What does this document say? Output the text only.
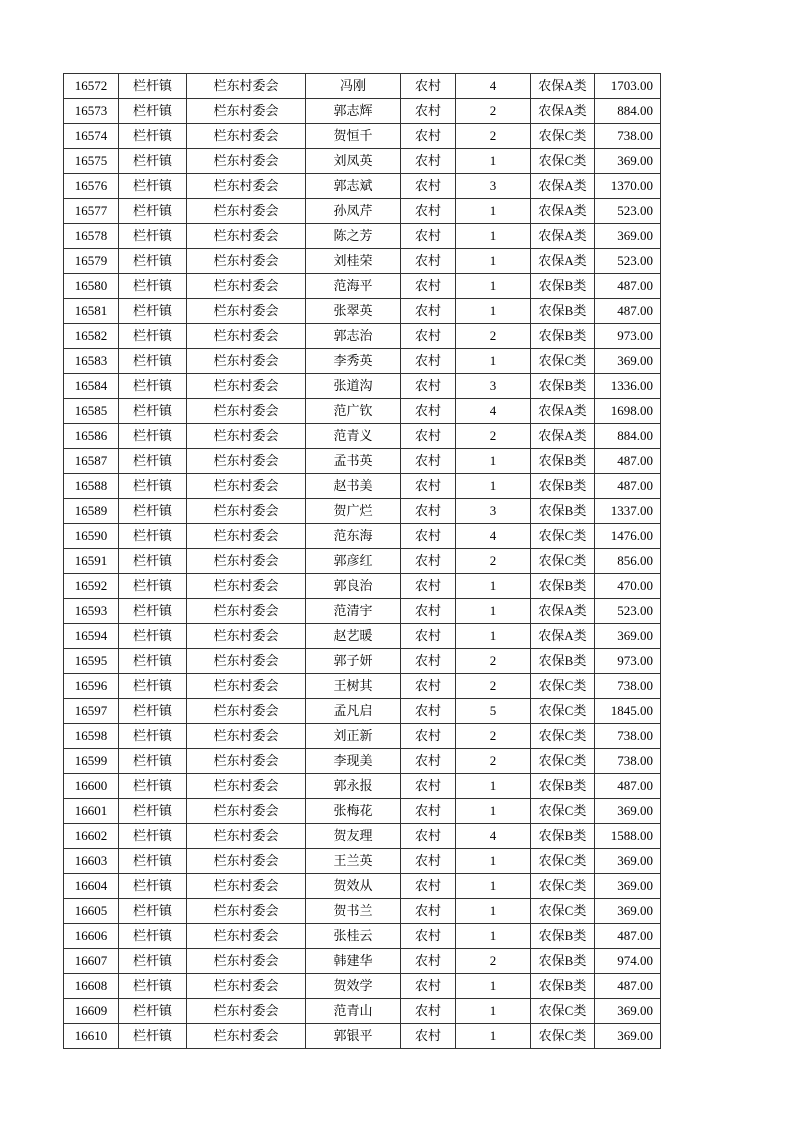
16572	栏杆镇	栏东村委会	冯刚	农村	4	农保A类	1703.00
16573	栏杆镇	栏东村委会	郭志辉	农村	2	农保A类	884.00
16574	栏杆镇	栏东村委会	贺恒千	农村	2	农保C类	738.00
16575	栏杆镇	栏东村委会	刘凤英	农村	1	农保C类	369.00
16576	栏杆镇	栏东村委会	郭志斌	农村	3	农保A类	1370.00
16577	栏杆镇	栏东村委会	孙凤芹	农村	1	农保A类	523.00
16578	栏杆镇	栏东村委会	陈之芳	农村	1	农保A类	369.00
16579	栏杆镇	栏东村委会	刘桂荣	农村	1	农保A类	523.00
16580	栏杆镇	栏东村委会	范海平	农村	1	农保B类	487.00
16581	栏杆镇	栏东村委会	张翠英	农村	1	农保B类	487.00
16582	栏杆镇	栏东村委会	郭志治	农村	2	农保B类	973.00
16583	栏杆镇	栏东村委会	李秀英	农村	1	农保C类	369.00
16584	栏杆镇	栏东村委会	张道沟	农村	3	农保B类	1336.00
16585	栏杆镇	栏东村委会	范广钦	农村	4	农保A类	1698.00
16586	栏杆镇	栏东村委会	范青义	农村	2	农保A类	884.00
16587	栏杆镇	栏东村委会	孟书英	农村	1	农保B类	487.00
16588	栏杆镇	栏东村委会	赵书美	农村	1	农保B类	487.00
16589	栏杆镇	栏东村委会	贺广烂	农村	3	农保B类	1337.00
16590	栏杆镇	栏东村委会	范东海	农村	4	农保C类	1476.00
16591	栏杆镇	栏东村委会	郭彦红	农村	2	农保C类	856.00
16592	栏杆镇	栏东村委会	郭良治	农村	1	农保B类	470.00
16593	栏杆镇	栏东村委会	范清宇	农村	1	农保A类	523.00
16594	栏杆镇	栏东村委会	赵艺暖	农村	1	农保A类	369.00
16595	栏杆镇	栏东村委会	郭子妍	农村	2	农保B类	973.00
16596	栏杆镇	栏东村委会	王树其	农村	2	农保C类	738.00
16597	栏杆镇	栏东村委会	孟凡启	农村	5	农保C类	1845.00
16598	栏杆镇	栏东村委会	刘正新	农村	2	农保C类	738.00
16599	栏杆镇	栏东村委会	李现美	农村	2	农保C类	738.00
16600	栏杆镇	栏东村委会	郭永报	农村	1	农保B类	487.00
16601	栏杆镇	栏东村委会	张梅花	农村	1	农保C类	369.00
16602	栏杆镇	栏东村委会	贺友理	农村	4	农保B类	1588.00
16603	栏杆镇	栏东村委会	王兰英	农村	1	农保C类	369.00
16604	栏杆镇	栏东村委会	贺效从	农村	1	农保C类	369.00
16605	栏杆镇	栏东村委会	贺书兰	农村	1	农保C类	369.00
16606	栏杆镇	栏东村委会	张桂云	农村	1	农保B类	487.00
16607	栏杆镇	栏东村委会	韩建华	农村	2	农保B类	974.00
16608	栏杆镇	栏东村委会	贺效学	农村	1	农保B类	487.00
16609	栏杆镇	栏东村委会	范青山	农村	1	农保C类	369.00
16610	栏杆镇	栏东村委会	郭银平	农村	1	农保C类	369.00
